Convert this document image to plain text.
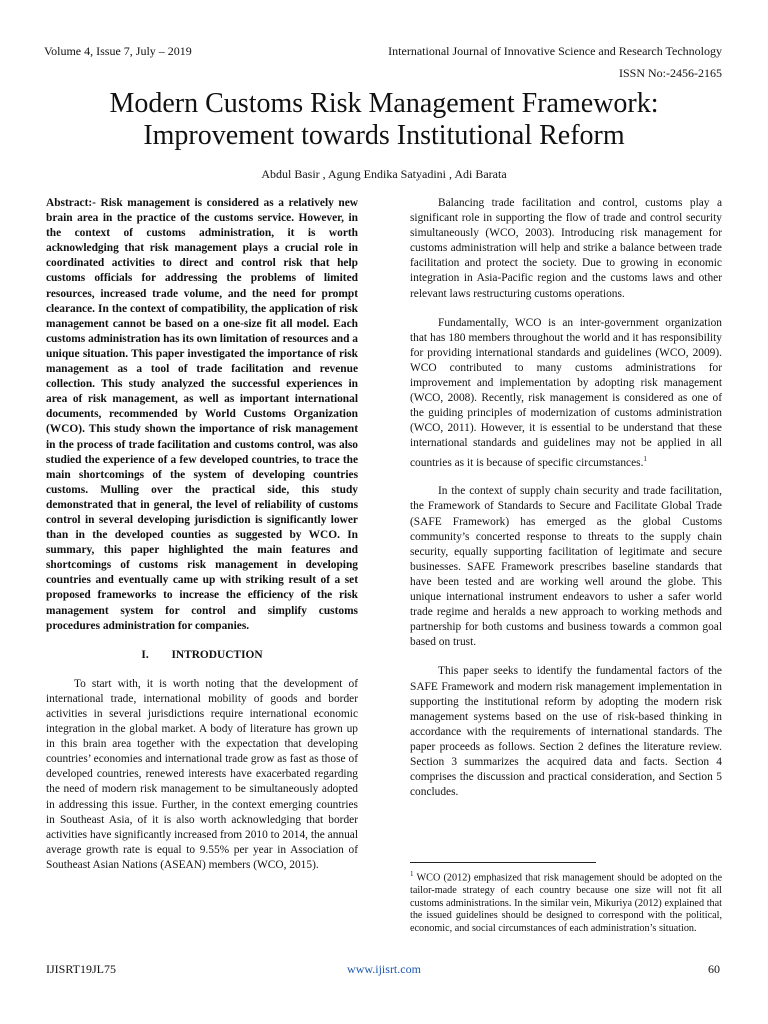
Volume 4, Issue 7, July – 2019	International Journal of Innovative Science and Research Technology
ISSN No:-2456-2165
Modern Customs Risk Management Framework:
Improvement towards Institutional Reform
Abdul Basir , Agung Endika Satyadini , Adi Barata

Abstract:- Risk management is considered as a relatively new brain area in the practice of the customs service. However, in the context of customs administration, it is worth acknowledging that risk management plays a crucial role in coordinated activities to direct and control risk that help customs officials for addressing the problems of limited resources, increased trade volume, and the need for prompt clearance. In the context of compatibility, the application of risk management cannot be based on a one-size fit all model. Each customs administration has its own limitation of resources and a unique situation. This paper investigated the importance of risk management as a tool of trade facilitation and revenue collection. This study analyzed the successful experiences in area of risk management, as well as important international documents, recommended by World Customs Organization (WCO). This study shown the importance of risk management in the process of trade facilitation and customs control, was also studied the experience of a few developed countries, to trace the main shortcomings of the system of developing countries customs. Mulling over the practical side, this study demonstrated that in general, the level of reliability of customs control in several developing jurisdiction is significantly lower than in the developed counties as suggested by WCO. In summary, this paper highlighted the main features and shortcomings of customs risk management in developing countries and eventually came up with striking result of a set proposed frameworks to increase the efficiency of the risk management system for control and simplify customs procedures administration for companies.

I.        INTRODUCTION

To start with, it is worth noting that the development of international trade, international mobility of goods and border activities in several jurisdictions require international economic integration in the global market. A body of literature has grown up in this brain area together with the expectation that developing countries’ economies and international trade grow as fast as those of developed countries, renewed interests have exacerbated regarding the need of modern risk management to be simultaneously adopted in addressing this issue. Further, in the context emerging countries in Southeast Asia, of it is also worth acknowledging that border activities have significantly increased from 2010 to 2014, the annual average growth rate is equal to 9.55% per year in Association of Southeast Asian Nations (ASEAN) members (WCO, 2015).

Balancing trade facilitation and control, customs play a significant role in supporting the flow of trade and control security simultaneously (WCO, 2003). Introducing risk management for customs administration will help and strike a balance between trade facilitation and protect the society. Due to growing in economic integration in Asia-Pacific region and the customs laws and other relevant laws restructuring customs operations.

Fundamentally, WCO is an inter-government organization that has 180 members throughout the world and it has responsibility for providing international standards and guidelines (WCO, 2009). WCO contributed to many customs administrations for improvement and implementation by adopting risk management (WCO, 2008). Recently, risk management is considered as one of the guiding principles of modernization of customs administration (WCO, 2011). However, it is essential to be understand that these international standards and guidelines may not be applied in all countries as it is because of specific circumstances.$^1$

In the context of supply chain security and trade facilitation, the Framework of Standards to Secure and Facilitate Global Trade (SAFE Framework) has emerged as the global Customs community’s concerted response to threats to the supply chain security, equally supporting facilitation of legitimate and secure businesses. SAFE Framework prescribes baseline standards that have been tested and are working well around the globe. This unique international instrument endeavors to usher a safer world trade regime and heralds a new approach to working methods and partnership for both customs and business towards a common goal based on trust.

This paper seeks to identify the fundamental factors of the SAFE Framework and modern risk management implementation in supporting the institutional reform by adopting the modern risk management systems based on the use of risk-based thinking in accordance with the requirements of international standards. The paper proceeds as follows. Section 2 defines the literature review. Section 3 summarizes the acquired data and facts. Section 4 comprises the discussion and practical consideration, and Section 5 concludes.

$^1$ WCO (2012) emphasized that risk management should be adopted on the tailor-made strategy of each country because one size will not fit all customs administrations. In the similar vein, Mikuriya (2012) explained that the issued guidelines should be designed to correspond with the political, economic, and social circumstances of each administration’s situation.
IJISRT19JL75	www.ijisrt.com	60
